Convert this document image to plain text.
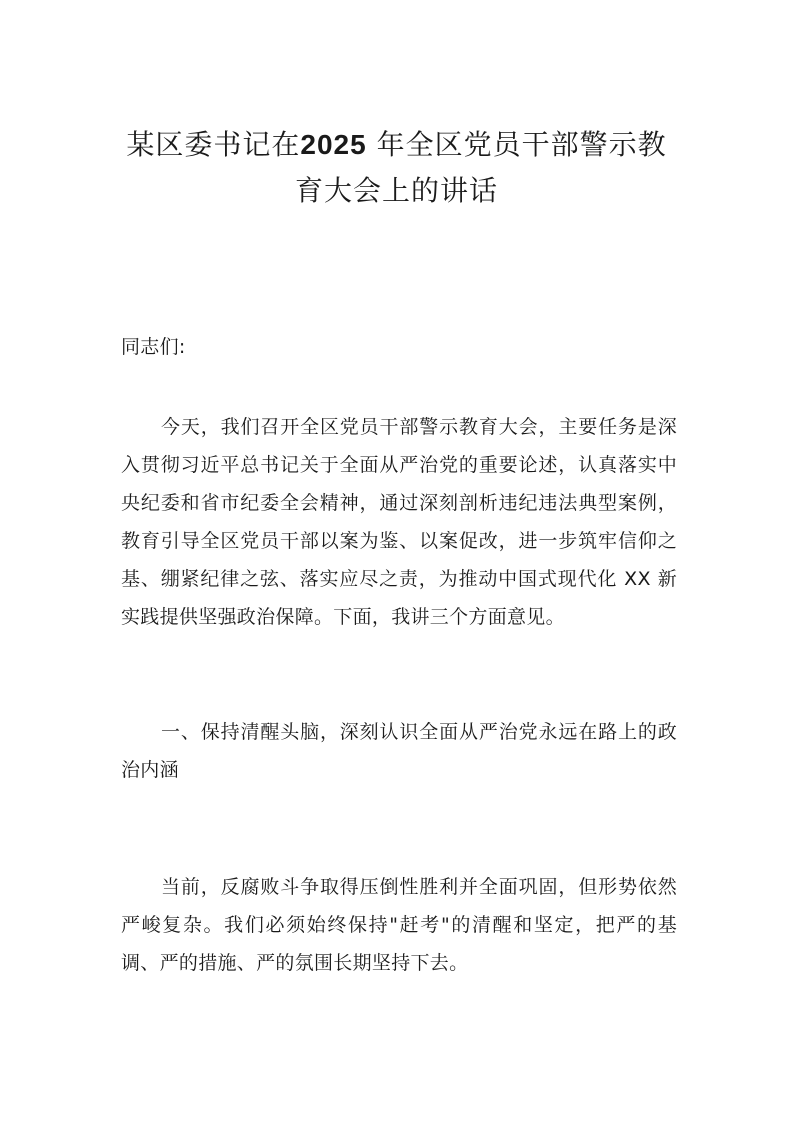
某区委书记在2025 年全区党员干部警示教
育大会上的讲话

同志们:

今天，我们召开全区党员干部警示教育大会，主要任务是深入贯彻习近平总书记关于全面从严治党的重要论述，认真落实中央纪委和省市纪委全会精神，通过深刻剖析违纪违法典型案例，教育引导全区党员干部以案为鉴、以案促改，进一步筑牢信仰之基、绷紧纪律之弦、落实应尽之责，为推动中国式现代化 XX 新实践提供坚强政治保障。下面，我讲三个方面意见。

一、保持清醒头脑，深刻认识全面从严治党永远在路上的政治内涵

当前，反腐败斗争取得压倒性胜利并全面巩固，但形势依然严峻复杂。我们必须始终保持"赶考"的清醒和坚定，把严的基调、严的措施、严的氛围长期坚持下去。
